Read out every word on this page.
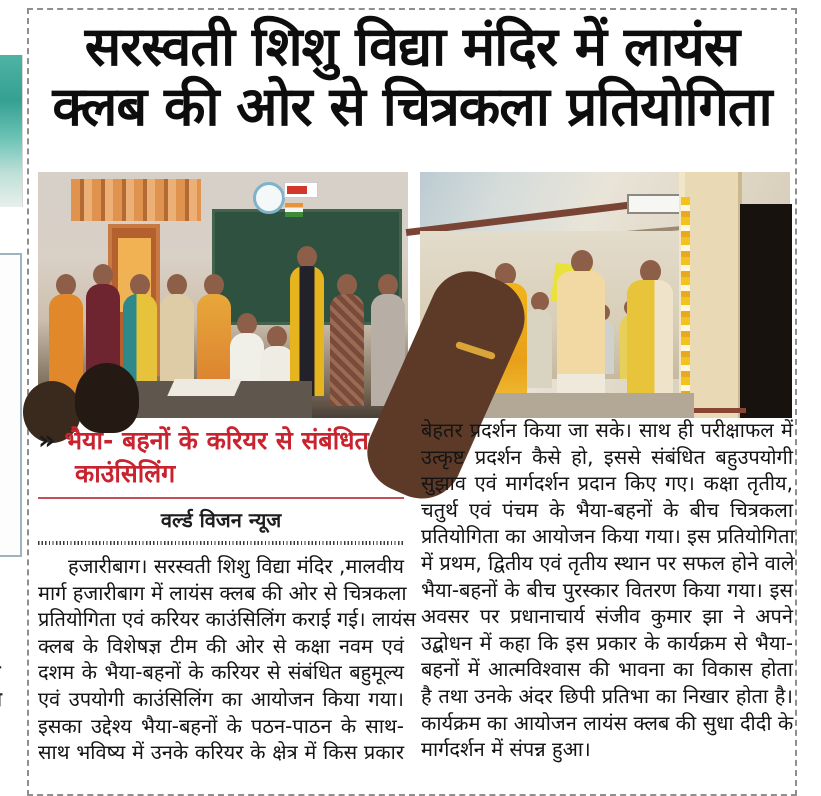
सरस्वती शिशु विद्या मंदिर में लायंस
क्लब की ओर से चित्रकला प्रतियोगिता
» भैया- बहनों के करियर से संबंधित
काउंसिलिंग
वर्ल्ड विजन न्यूज
हजारीबाग। सरस्वती शिशु विद्या मंदिर ,मालवीय
मार्ग हजारीबाग में लायंस क्लब की ओर से चित्रकला
प्रतियोगिता एवं करियर काउंसिलिंग कराई गई। लायंस
क्लब के विशेषज्ञ टीम की ओर से कक्षा नवम एवं
दशम के भैया-बहनों के करियर से संबंधित बहुमूल्य
एवं उपयोगी काउंसिलिंग का आयोजन किया गया।
इसका उद्देश्य भैया-बहनों के पठन-पाठन के साथ-
साथ भविष्य में उनके करियर के क्षेत्र में किस प्रकार
बेहतर प्रदर्शन किया जा सके। साथ ही परीक्षाफल में
उत्कृष्ट प्रदर्शन कैसे हो, इससे संबंधित बहुउपयोगी
सुझाव एवं मार्गदर्शन प्रदान किए गए। कक्षा तृतीय,
चतुर्थ एवं पंचम के भैया-बहनों के बीच चित्रकला
प्रतियोगिता का आयोजन किया गया। इस प्रतियोगिता
में प्रथम, द्वितीय एवं तृतीय स्थान पर सफल होने वाले
भैया-बहनों के बीच पुरस्कार वितरण किया गया। इस
अवसर पर प्रधानाचार्य संजीव कुमार झा ने अपने
उद्बोधन में कहा कि इस प्रकार के कार्यक्रम से भैया-
बहनों में आत्मविश्वास की भावना का विकास होता
है तथा उनके अंदर छिपी प्रतिभा का निखार होता है।
कार्यक्रम का आयोजन लायंस क्लब की सुधा दीदी के
मार्गदर्शन में संपन्न हुआ।
